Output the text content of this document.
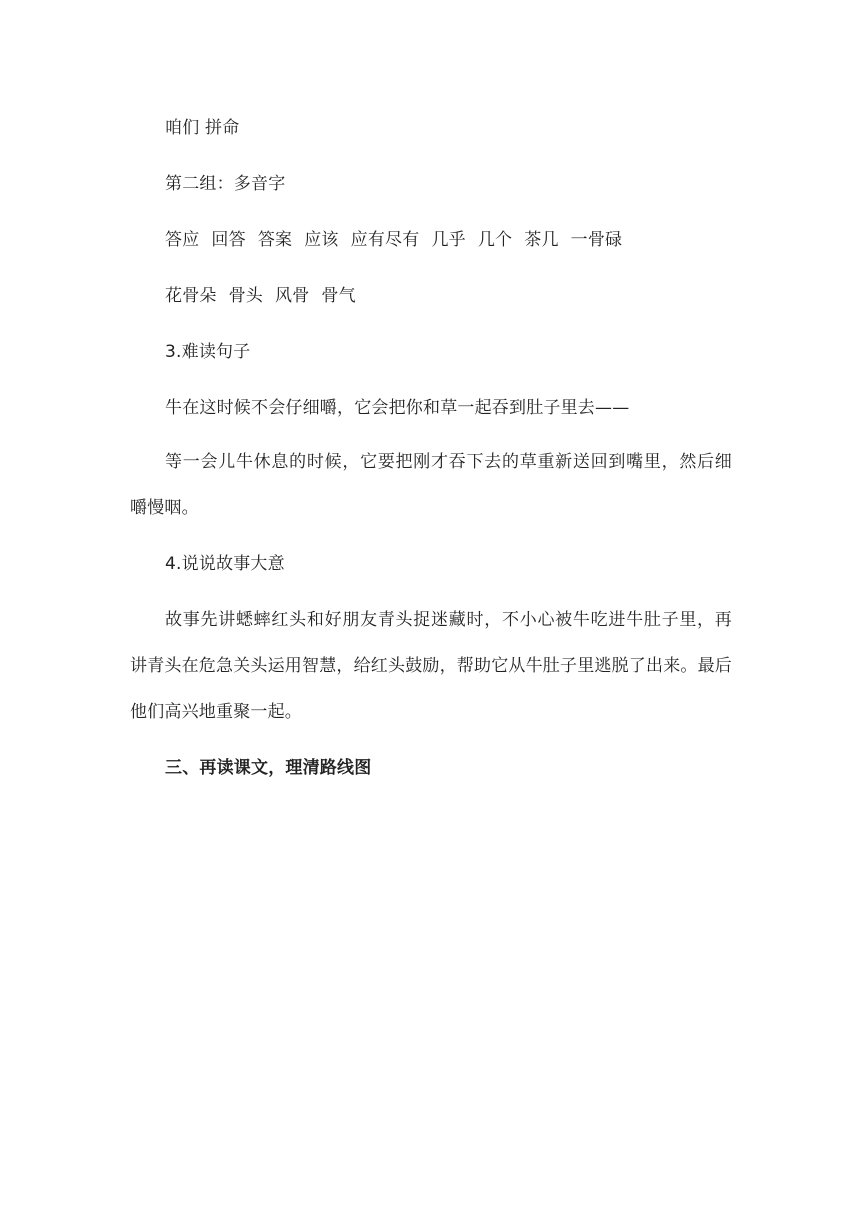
咱们 拼命
第二组：多音字
答应 回答 答案 应该 应有尽有 几乎 几个 茶几 一骨碌
花骨朵 骨头 风骨 骨气
3.难读句子
牛在这时候不会仔细嚼，它会把你和草一起吞到肚子里去——
等一会儿牛休息的时候，它要把刚才吞下去的草重新送回到嘴里，然后细嚼慢咽。
4.说说故事大意
故事先讲蟋蟀红头和好朋友青头捉迷藏时，不小心被牛吃进牛肚子里，再讲青头在危急关头运用智慧，给红头鼓励，帮助它从牛肚子里逃脱了出来。最后他们高兴地重聚一起。
三、再读课文，理清路线图
